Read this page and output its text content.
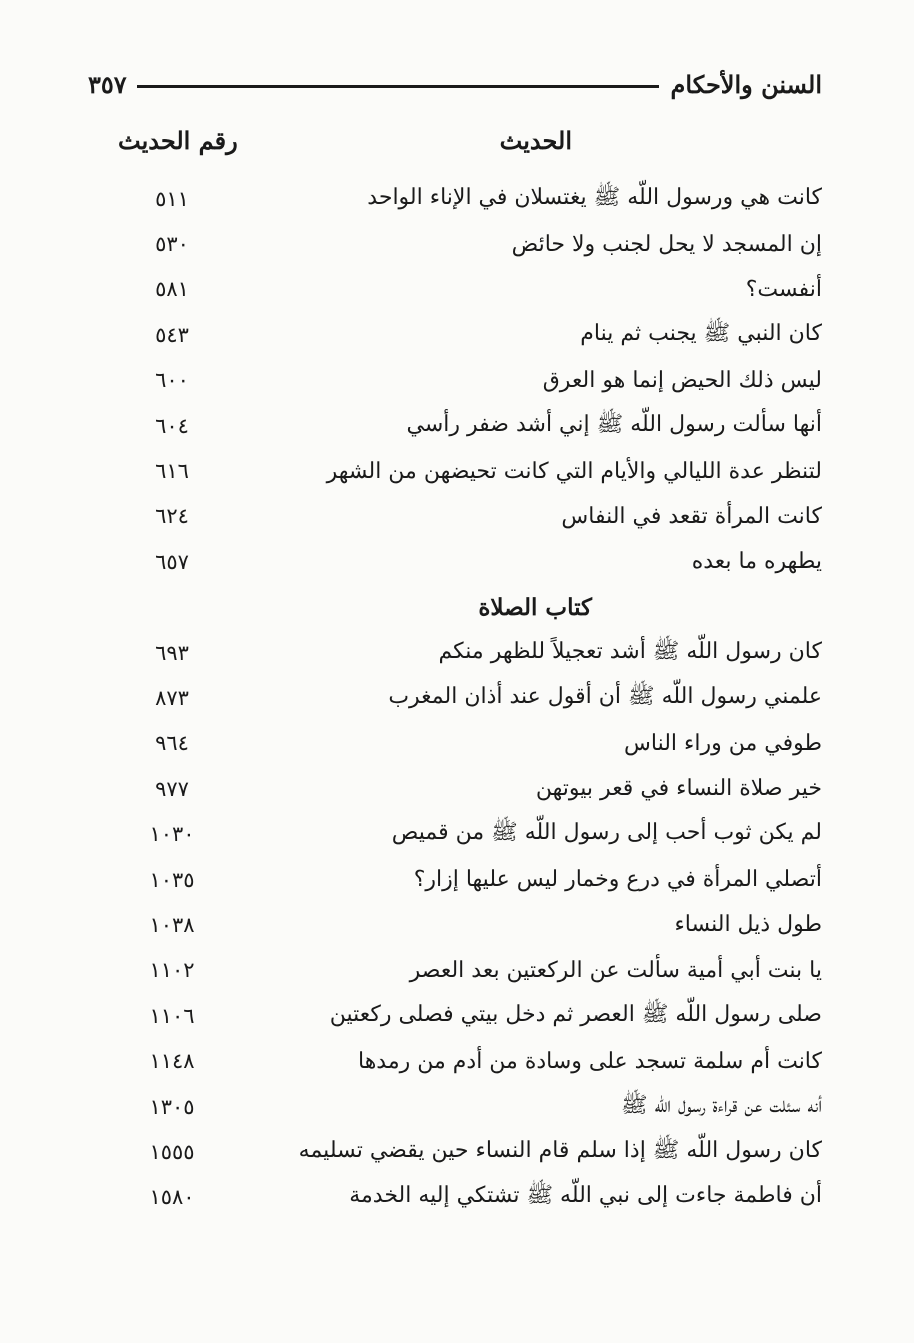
السنن والأحكام
٣٥٧
الحديث
رقم الحديث
كانت هي ورسول اللّه ﷺ يغتسلان في الإناء الواحد
٥١١
إن المسجد لا يحل لجنب ولا حائض
٥٣٠
أنفست؟
٥٨١
كان النبي ﷺ يجنب ثم ينام
٥٤٣
ليس ذلك الحيض إنما هو العرق
٦٠٠
أنها سألت رسول اللّه ﷺ إني أشد ضفر رأسي
٦٠٤
لتنظر عدة الليالي والأيام التي كانت تحيضهن من الشهر
٦١٦
كانت المرأة تقعد في النفاس
٦٢٤
يطهره ما بعده
٦٥٧
كتاب الصلاة
كان رسول اللّه ﷺ أشد تعجيلاً للظهر منكم
٦٩٣
علمني رسول اللّه ﷺ أن أقول عند أذان المغرب
٨٧٣
طوفي من وراء الناس
٩٦٤
خير صلاة النساء في قعر بيوتهن
٩٧٧
لم يكن ثوب أحب إلى رسول اللّه ﷺ من قميص
١٠٣٠
أتصلي المرأة في درع وخمار ليس عليها إزار؟
١٠٣٥
طول ذيل النساء
١٠٣٨
يا بنت أبي أمية سألت عن الركعتين بعد العصر
١١٠٢
صلى رسول اللّه ﷺ العصر ثم دخل بيتي فصلى ركعتين
١١٠٦
كانت أم سلمة تسجد على وسادة من أدم من رمدها
١١٤٨
أنه سئلت عن قراءة رسول اللّه ﷺ
١٣٠٥
كان رسول اللّه ﷺ إذا سلم قام النساء حين يقضي تسليمه
١٥٥٥
أن فاطمة جاءت إلى نبي اللّه ﷺ تشتكي إليه الخدمة
١٥٨٠
